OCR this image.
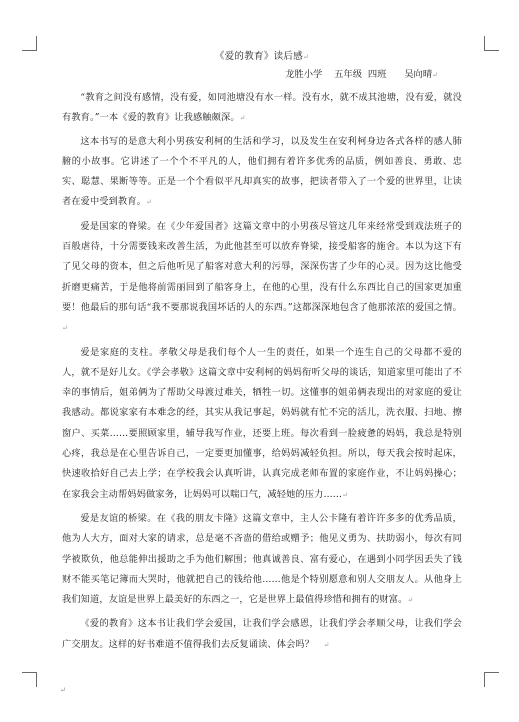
《爱的教育》读后感↵

龙胜小学    五年级  四班      吴向晴↵

“教育之间没有感情，没有爱，如同池塘没有水一样。没有水，就不成其池塘，没有爱，就没有教育。”一本《爱的教育》让我感触颇深。↵

这本书写的是意大利小男孩安利柯的生活和学习，以及发生在安利柯身边各式各样的感人肺腑的小故事。它讲述了一个个不平凡的人，他们拥有着许多优秀的品质，例如善良、勇敢、忠实、聪慧、果断等等。正是一个个看似平凡却真实的故事，把读者带入了一个爱的世界里，让读者在爱中受到教育。↵

爱是国家的脊梁。在《少年爱国者》这篇文章中的小男孩尽管这几年来经常受到戏法班子的百般虐待，十分需要钱来改善生活，为此他甚至可以放弃脊梁，接受船客的施舍。本以为这下有了见父母的资本，但之后他听见了船客对意大利的污辱，深深伤害了少年的心灵。因为这比他受折磨更痛苦，于是他将前需丽回到了船客身上，在他的心里，没有什么东西比自己的国家更加重要！他最后的那句话“我不要那说我国坏话的人的东西。”这都深深地包含了他那浓浓的爱国之情。↵

爱是家庭的支柱。孝敬父母是我们每个人一生的责任，如果一个连生自己的父母都不爱的人，就不是好儿女。《学会孝敬》这篇文章中安利柯的妈妈衔听父母的谈话，知道家里可能出了不幸的事情后，姐弟俩为了帮助父母渡过难关，牺牲一切。这懂事的姐弟俩表现出的对家庭的爱让我感动。都说家家有本难念的经，其实从我记事起，妈妈就有忙不完的活儿，洗衣服、扫地、擦窗户、买菜……要照顾家里，辅导我写作业，还要上班。每次看到一脸疲惫的妈妈，我总是特别心疼，我总是在心里告诉自己，一定要更加懂事，给妈妈减轻负担。所以，每天我会按时起床，快速收拾好自己去上学；在学校我会认真听讲，认真完成老师布置的家庭作业，不让妈妈操心；在家我会主动帮妈妈做家务，让妈妈可以喘口气，减轻她的压力……↵

爱是友谊的桥梁。在《我的朋友卡隆》这篇文章中，主人公卡隆有着许许多多的优秀品质，他为人大方，面对大家的请求，总是毫不吝啬的借给或赠予；他见义勇为、扶助弱小，每次有同学被欺负，他总能伸出援助之手为他们解围；他真诚善良、富有爱心，在遇到小同学因丢失了钱财不能买笔记簿而大哭时，他就把自己的钱给他……他是个特别愿意和别人交朋友人。从他身上我们知道，友谊是世界上最美好的东西之一，它是世界上最值得珍惜和拥有的财富。↵

《爱的教育》这本书让我们学会爱国，让我们学会感恩，让我们学会孝顺父母，让我们学会广交朋友。这样的好书难道不值得我们去反复诵读、体会吗？    ↵

↵
